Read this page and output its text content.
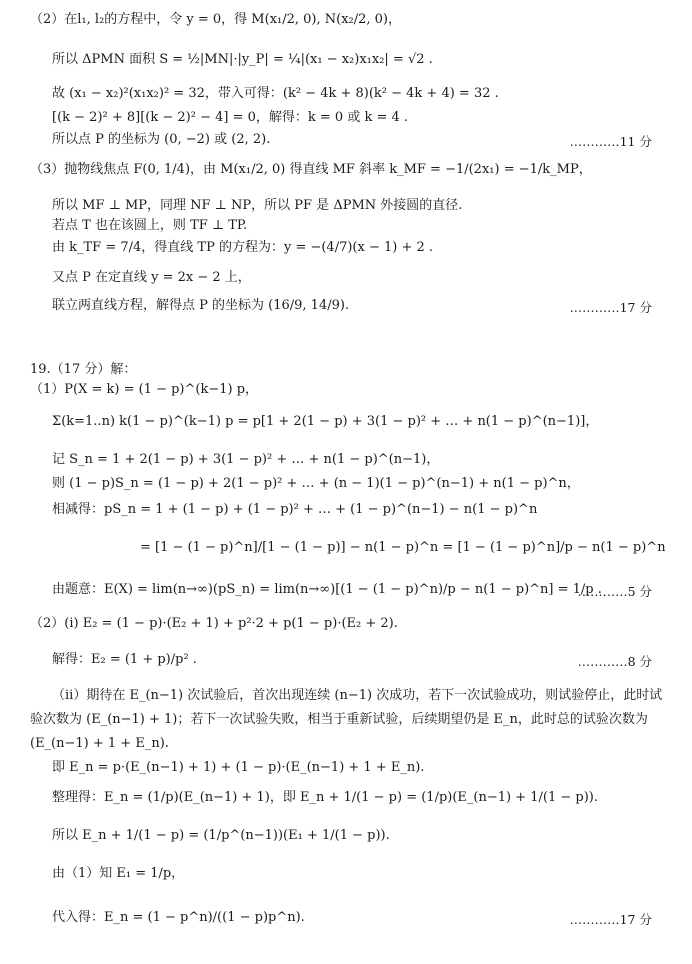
（2）在l₁, l₂的方程中，令 y = 0，得 M(x₁/2, 0), N(x₂/2, 0)，
所以 ΔPMN 面积 S = ½|MN|·|y_P| = ¼|(x₁ − x₂)x₁x₂| = √2 .
故 (x₁ − x₂)²(x₁x₂)² = 32，带入可得：(k² − 4k + 8)(k² − 4k + 4) = 32 .
[(k − 2)² + 8][(k − 2)² − 4] = 0，解得：k = 0 或 k = 4 .
所以点 P 的坐标为 (0, −2) 或 (2, 2).	…………11 分
（3）抛物线焦点 F(0, 1/4)，由 M(x₁/2, 0) 得直线 MF 斜率 k_MF = −1/(2x₁) = −1/k_MP，
所以 MF ⊥ MP，同理 NF ⊥ NP，所以 PF 是 ΔPMN 外接圆的直径.
若点 T 也在该圆上，则 TF ⊥ TP.
由 k_TF = 7/4，得直线 TP 的方程为：y = −(4/7)(x − 1) + 2 .
又点 P 在定直线 y = 2x − 2 上，
联立两直线方程，解得点 P 的坐标为 (16/9, 14/9).	…………17 分
19.（17 分）解：
（1）P(X = k) = (1 − p)^(k−1) p，
Σ(k=1..n) k(1 − p)^(k−1) p = p[1 + 2(1 − p) + 3(1 − p)² + … + n(1 − p)^(n−1)]，
记 S_n = 1 + 2(1 − p) + 3(1 − p)² + … + n(1 − p)^(n−1)，
则 (1 − p)S_n = (1 − p) + 2(1 − p)² + … + (n − 1)(1 − p)^(n−1) + n(1 − p)^n，
相减得：pS_n = 1 + (1 − p) + (1 − p)² + … + (1 − p)^(n−1) − n(1 − p)^n
= [1 − (1 − p)^n]/[1 − (1 − p)] − n(1 − p)^n = [1 − (1 − p)^n]/p − n(1 − p)^n
由题意：E(X) = lim(n→∞)(pS_n) = lim(n→∞)[(1 − (1 − p)^n)/p − n(1 − p)^n] = 1/p .
…………5 分
（2）(i) E₂ = (1 − p)·(E₂ + 1) + p²·2 + p(1 − p)·(E₂ + 2).
解得：E₂ = (1 + p)/p² .	…………8 分
（ii）期待在 E_(n−1) 次试验后，首次出现连续 (n−1) 次成功，若下一次试验成功，则试验停止，此时试
验次数为 (E_(n−1) + 1)；若下一次试验失败，相当于重新试验，后续期望仍是 E_n，此时总的试验次数为
(E_(n−1) + 1 + E_n).
即 E_n = p·(E_(n−1) + 1) + (1 − p)·(E_(n−1) + 1 + E_n).
整理得：E_n = (1/p)(E_(n−1) + 1)，即 E_n + 1/(1 − p) = (1/p)(E_(n−1) + 1/(1 − p)).
所以 E_n + 1/(1 − p) = (1/p^(n−1))(E₁ + 1/(1 − p)).
由（1）知 E₁ = 1/p，
代入得：E_n = (1 − p^n)/((1 − p)p^n).	…………17 分
